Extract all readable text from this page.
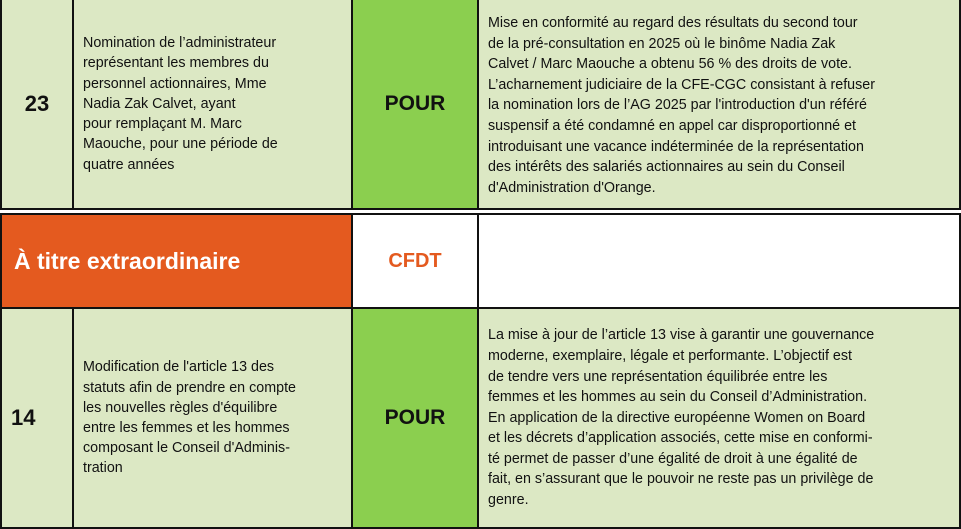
23
Nomination de l’administrateur
représentant les membres du
personnel actionnaires, Mme
Nadia Zak Calvet, ayant
pour remplaçant M. Marc
Maouche, pour une période de
quatre années
POUR
Mise en conformité au regard des résultats du second tour
de la pré-consultation en 2025 où le binôme Nadia Zak
Calvet / Marc Maouche a obtenu 56 % des droits de vote.
L’acharnement judiciaire de la CFE-CGC consistant à refuser
la nomination lors de l’AG 2025 par l'introduction d'un référé
suspensif a été condamné en appel car disproportionné et
introduisant une vacance indéterminée de la représentation
des intérêts des salariés actionnaires au sein du Conseil
d'Administration d'Orange.
À titre extraordinaire	CFDT
14
Modification de l'article 13 des
statuts afin de prendre en compte
les nouvelles règles d'équilibre
entre les femmes et les hommes
composant le Conseil d'Adminis-
tration
POUR
La mise à jour de l’article 13 vise à garantir une gouvernance
moderne, exemplaire, légale et performante. L’objectif est
de tendre vers une représentation équilibrée entre les
femmes et les hommes au sein du Conseil d’Administration.
En application de la directive européenne Women on Board
et les décrets d’application associés, cette mise en conformi-
té permet de passer d’une égalité de droit à une égalité de
fait, en s’assurant que le pouvoir ne reste pas un privilège de
genre.
